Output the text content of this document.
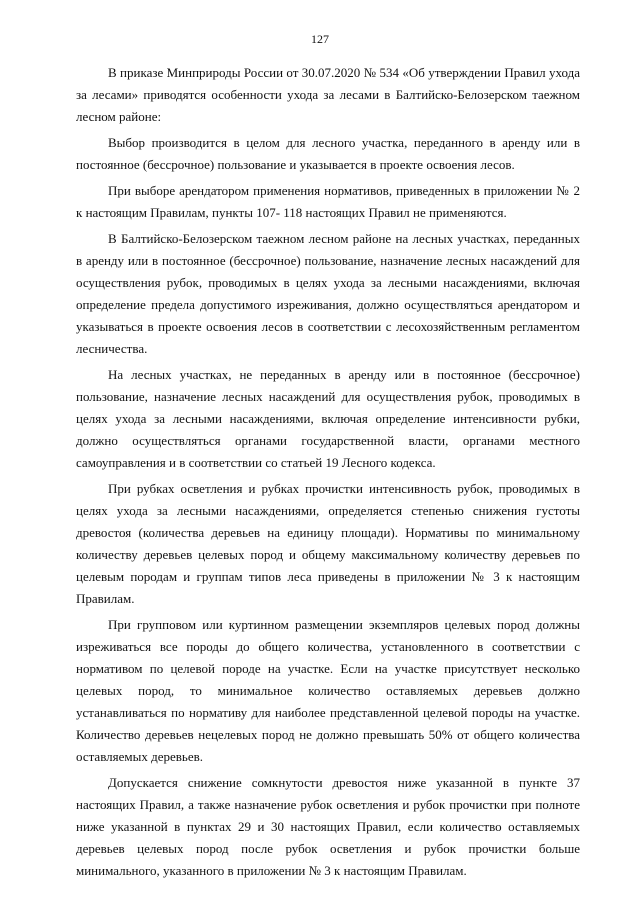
127

В приказе Минприроды России от 30.07.2020 № 534 «Об утверждении Правил ухода за лесами» приводятся особенности ухода за лесами в Балтийско-Белозерском таежном лесном районе:

Выбор производится в целом для лесного участка, переданного в аренду или в постоянное (бессрочное) пользование и указывается в проекте освоения лесов.

При выборе арендатором применения нормативов, приведенных в приложении № 2 к настоящим Правилам, пункты 107- 118 настоящих Правил не применяются.

В Балтийско-Белозерском таежном лесном районе на лесных участках, переданных в аренду или в постоянное (бессрочное) пользование, назначение лесных насаждений для осуществления рубок, проводимых в целях ухода за лесными насаждениями, включая определение предела допустимого изреживания, должно осуществляться арендатором и указываться в проекте освоения лесов в соответствии с лесохозяйственным регламентом лесничества.

На лесных участках, не переданных в аренду или в постоянное (бессрочное) пользование, назначение лесных насаждений для осуществления рубок, проводимых в целях ухода за лесными насаждениями, включая определение интенсивности рубки, должно осуществляться органами государственной власти, органами местного самоуправления и в соответствии со статьей 19 Лесного кодекса.

При рубках осветления и рубках прочистки интенсивность рубок, проводимых в целях ухода за лесными насаждениями, определяется степенью снижения густоты древостоя (количества деревьев на единицу площади). Нормативы по минимальному количеству деревьев целевых пород и общему максимальному количеству деревьев по целевым породам и группам типов леса приведены в приложении № 3 к настоящим Правилам.

При групповом или куртинном размещении экземпляров целевых пород должны изреживаться все породы до общего количества, установленного в соответствии с нормативом по целевой породе на участке. Если на участке присутствует несколько целевых пород, то минимальное количество оставляемых деревьев должно устанавливаться по нормативу для наиболее представленной целевой породы на участке. Количество деревьев нецелевых пород не должно превышать 50% от общего количества оставляемых деревьев.

Допускается снижение сомкнутости древостоя ниже указанной в пункте 37 настоящих Правил, а также назначение рубок осветления и рубок прочистки при полноте ниже указанной в пунктах 29 и 30 настоящих Правил, если количество оставляемых деревьев целевых пород после рубок осветления и рубок прочистки больше минимального, указанного в приложении № 3 к настоящим Правилам.
